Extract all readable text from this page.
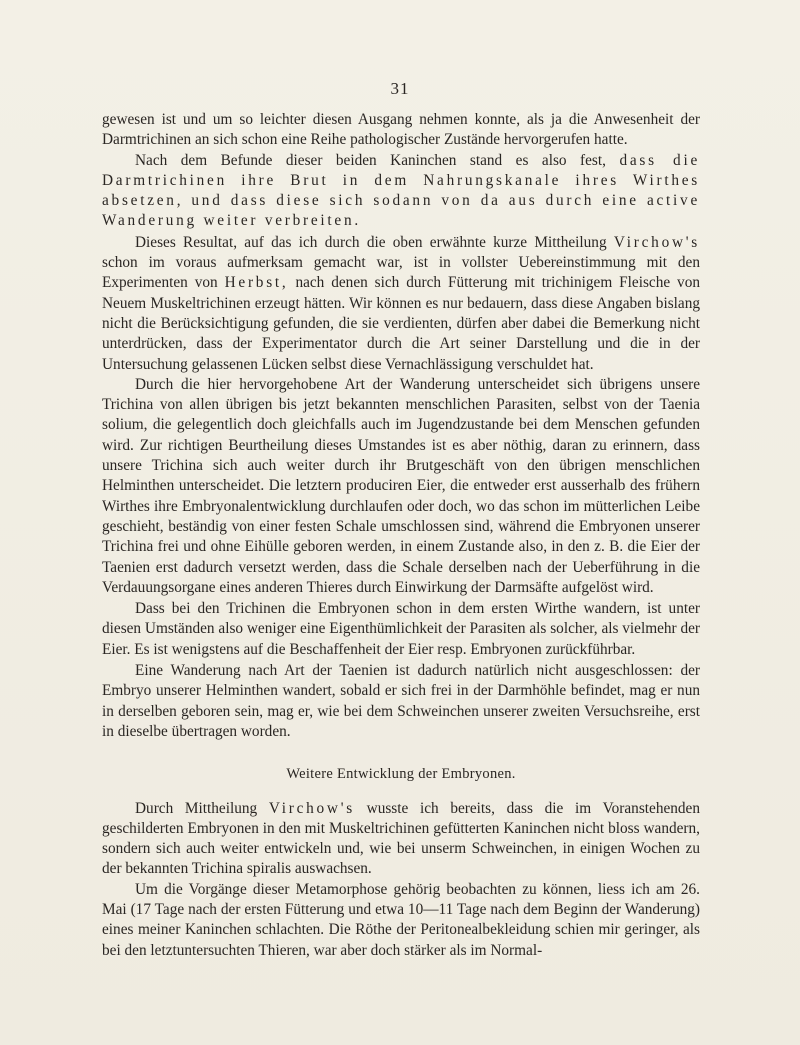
31

gewesen ist und um so leichter diesen Ausgang nehmen konnte, als ja die Anwesenheit der Darmtrichinen an sich schon eine Reihe pathologischer Zustände hervorgerufen hatte.

Nach dem Befunde dieser beiden Kaninchen stand es also fest, dass die Darmtrichinen ihre Brut in dem Nahrungskanale ihres Wirthes absetzen, und dass diese sich sodann von da aus durch eine active Wanderung weiter verbreiten.

Dieses Resultat, auf das ich durch die oben erwähnte kurze Mittheilung Virchow's schon im voraus aufmerksam gemacht war, ist in vollster Uebereinstimmung mit den Experimenten von Herbst, nach denen sich durch Fütterung mit trichinigem Fleische von Neuem Muskeltrichinen erzeugt hätten. Wir können es nur bedauern, dass diese Angaben bislang nicht die Berücksichtigung gefunden, die sie verdienten, dürfen aber dabei die Bemerkung nicht unterdrücken, dass der Experimentator durch die Art seiner Darstellung und die in der Untersuchung gelassenen Lücken selbst diese Vernachlässigung verschuldet hat.

Durch die hier hervorgehobene Art der Wanderung unterscheidet sich übrigens unsere Trichina von allen übrigen bis jetzt bekannten menschlichen Parasiten, selbst von der Taenia solium, die gelegentlich doch gleichfalls auch im Jugendzustande bei dem Menschen gefunden wird. Zur richtigen Beurtheilung dieses Umstandes ist es aber nöthig, daran zu erinnern, dass unsere Trichina sich auch weiter durch ihr Brutgeschäft von den übrigen menschlichen Helminthen unterscheidet. Die letztern produciren Eier, die entweder erst ausserhalb des frühern Wirthes ihre Embryonalentwicklung durchlaufen oder doch, wo das schon im mütterlichen Leibe geschieht, beständig von einer festen Schale umschlossen sind, während die Embryonen unserer Trichina frei und ohne Eihülle geboren werden, in einem Zustande also, in den z. B. die Eier der Taenien erst dadurch versetzt werden, dass die Schale derselben nach der Ueberführung in die Verdauungsorgane eines anderen Thieres durch Einwirkung der Darmsäfte aufgelöst wird.

Dass bei den Trichinen die Embryonen schon in dem ersten Wirthe wandern, ist unter diesen Umständen also weniger eine Eigenthümlichkeit der Parasiten als solcher, als vielmehr der Eier. Es ist wenigstens auf die Beschaffenheit der Eier resp. Embryonen zurückführbar.

Eine Wanderung nach Art der Taenien ist dadurch natürlich nicht ausgeschlossen: der Embryo unserer Helminthen wandert, sobald er sich frei in der Darmhöhle befindet, mag er nun in derselben geboren sein, mag er, wie bei dem Schweinchen unserer zweiten Versuchsreihe, erst in dieselbe übertragen worden.

Weitere Entwicklung der Embryonen.

Durch Mittheilung Virchow's wusste ich bereits, dass die im Voranstehenden geschilderten Embryonen in den mit Muskeltrichinen gefütterten Kaninchen nicht bloss wandern, sondern sich auch weiter entwickeln und, wie bei unserm Schweinchen, in einigen Wochen zu der bekannten Trichina spiralis auswachsen.

Um die Vorgänge dieser Metamorphose gehörig beobachten zu können, liess ich am 26. Mai (17 Tage nach der ersten Fütterung und etwa 10—11 Tage nach dem Beginn der Wanderung) eines meiner Kaninchen schlachten. Die Röthe der Peritonealbekleidung schien mir geringer, als bei den letztuntersuchten Thieren, war aber doch stärker als im Normal-
